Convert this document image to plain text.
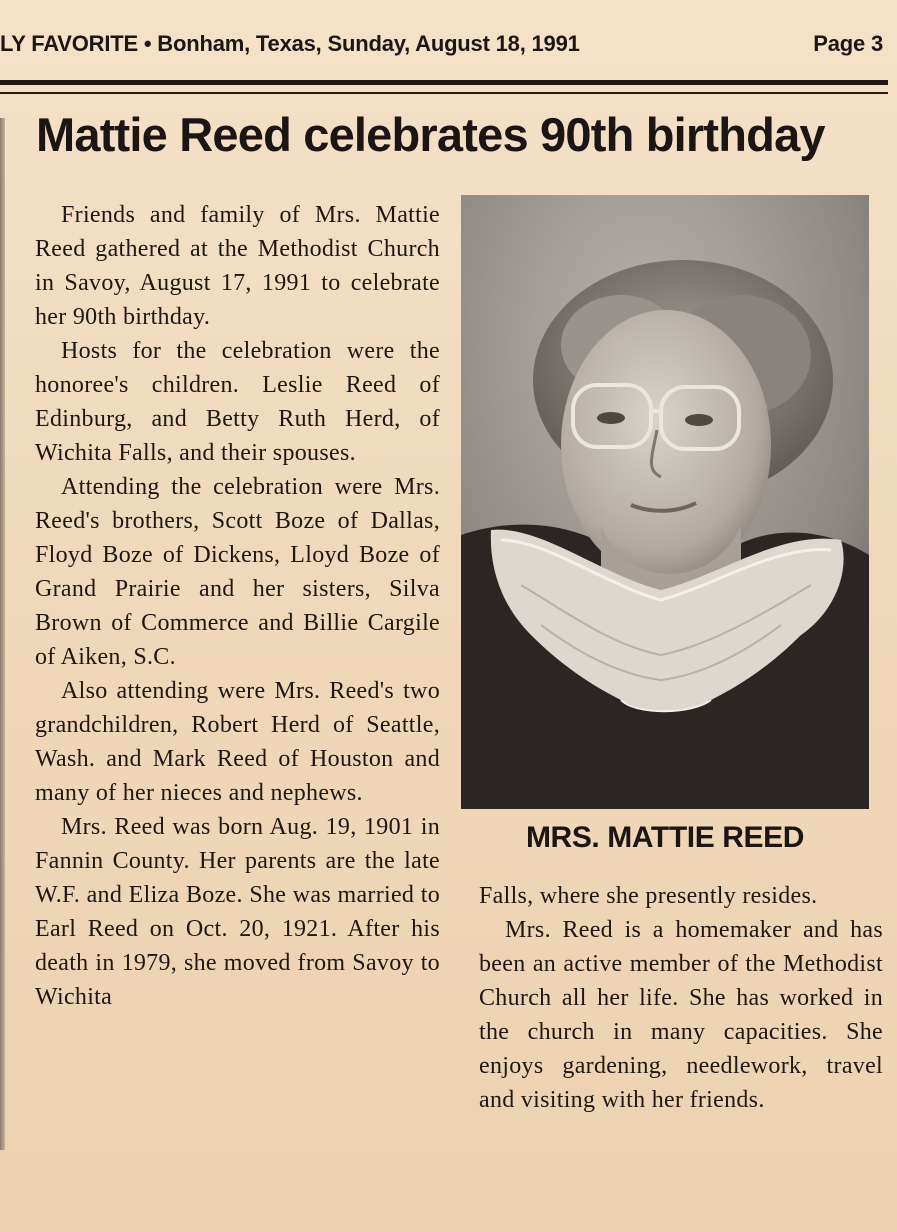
LY FAVORITE • Bonham, Texas, Sunday, August 18, 1991	Page 3
Mattie Reed celebrates 90th birthday

Friends and family of Mrs. Mattie Reed gathered at the Methodist Church in Savoy, August 17, 1991 to celebrate her 90th birthday.

Hosts for the celebration were the honoree's children. Leslie Reed of Edinburg, and Betty Ruth Herd, of Wichita Falls, and their spouses.

Attending the celebration were Mrs. Reed's brothers, Scott Boze of Dallas, Floyd Boze of Dickens, Lloyd Boze of Grand Prairie and her sisters, Silva Brown of Commerce and Billie Cargile of Aiken, S.C.

Also attending were Mrs. Reed's two grandchildren, Robert Herd of Seattle, Wash. and Mark Reed of Houston and many of her nieces and nephews.

Mrs. Reed was born Aug. 19, 1901 in Fannin County. Her parents are the late W.F. and Eliza Boze. She was married to Earl Reed on Oct. 20, 1921. After his death in 1979, she moved from Savoy to Wichita

MRS. MATTIE REED

Falls, where she presently resides.

Mrs. Reed is a homemaker and has been an active member of the Methodist Church all her life. She has worked in the church in many capacities. She enjoys gardening, needlework, travel and visiting with her friends.
